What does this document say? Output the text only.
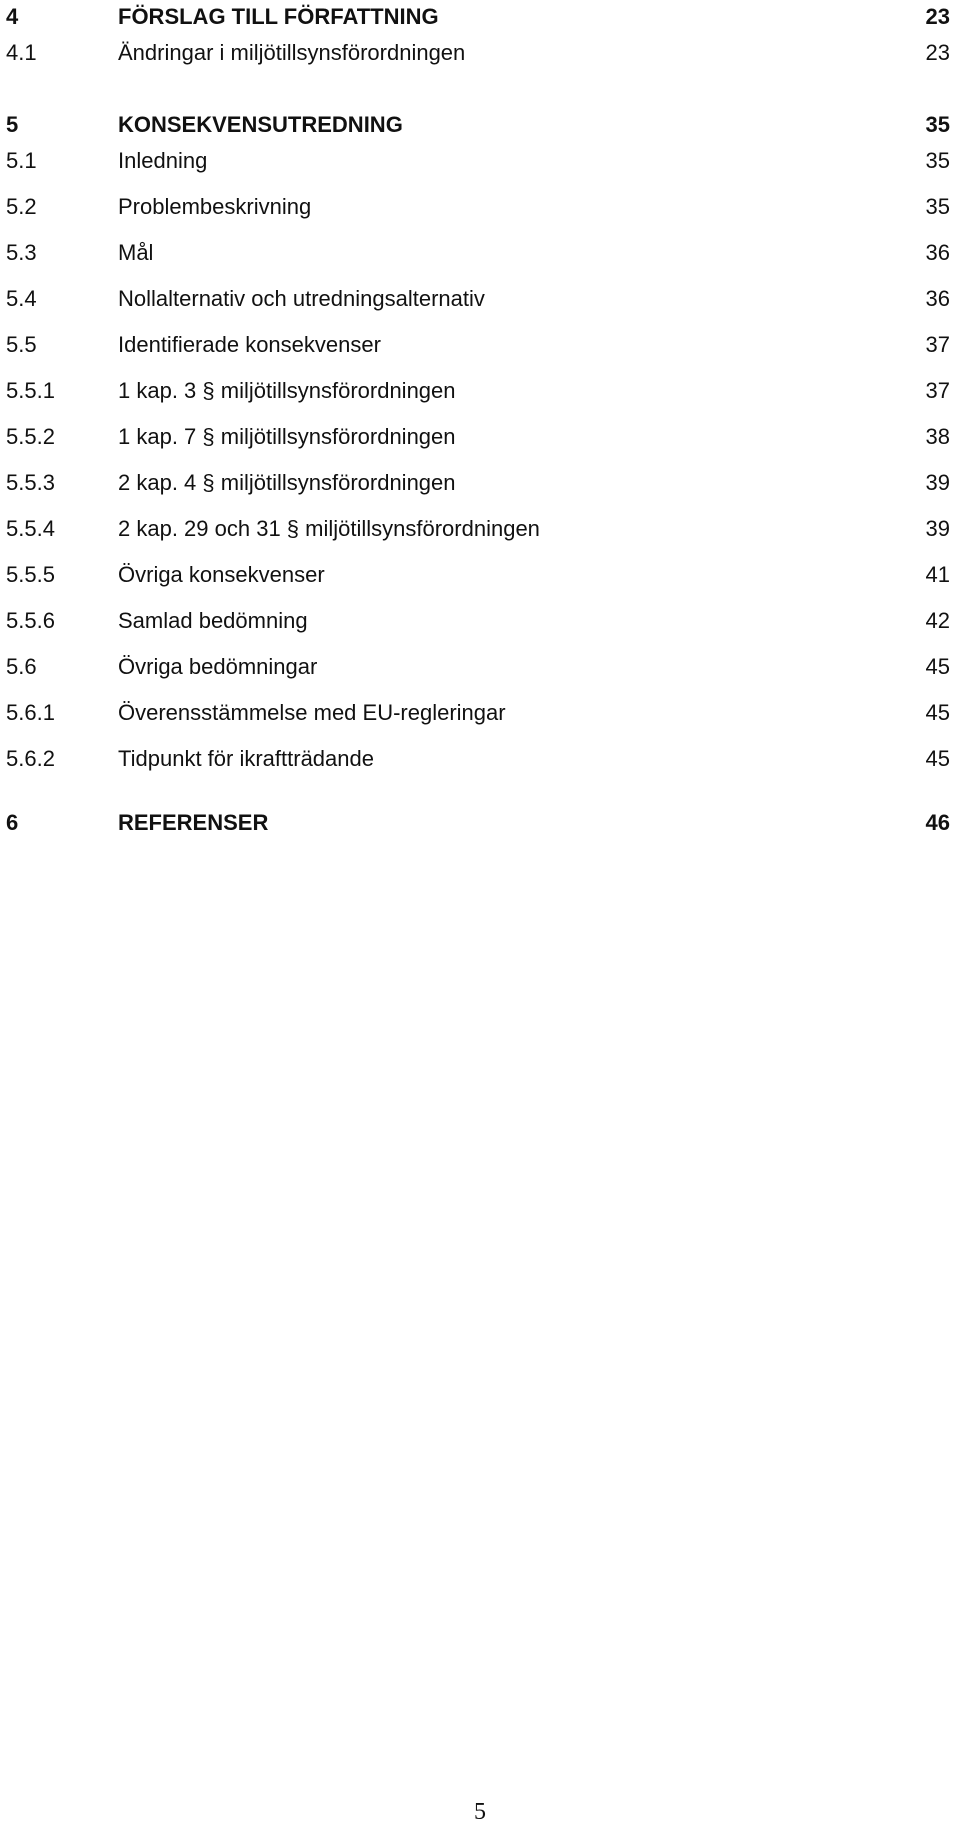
4	FÖRSLAG TILL FÖRFATTNING	23
4.1	Ändringar i miljötillsynsförordningen	23
5	KONSEKVENSUTREDNING	35
5.1	Inledning	35
5.2	Problembeskrivning	35
5.3	Mål	36
5.4	Nollalternativ och utredningsalternativ	36
5.5	Identifierade konsekvenser	37
5.5.1	1 kap. 3 § miljötillsynsförordningen	37
5.5.2	1 kap. 7 § miljötillsynsförordningen	38
5.5.3	2 kap. 4 § miljötillsynsförordningen	39
5.5.4	2 kap. 29 och 31 § miljötillsynsförordningen	39
5.5.5	Övriga konsekvenser	41
5.5.6	Samlad bedömning	42
5.6	Övriga bedömningar	45
5.6.1	Överensstämmelse med EU-regleringar	45
5.6.2	Tidpunkt för ikraftträdande	45
6	REFERENSER	46
5
